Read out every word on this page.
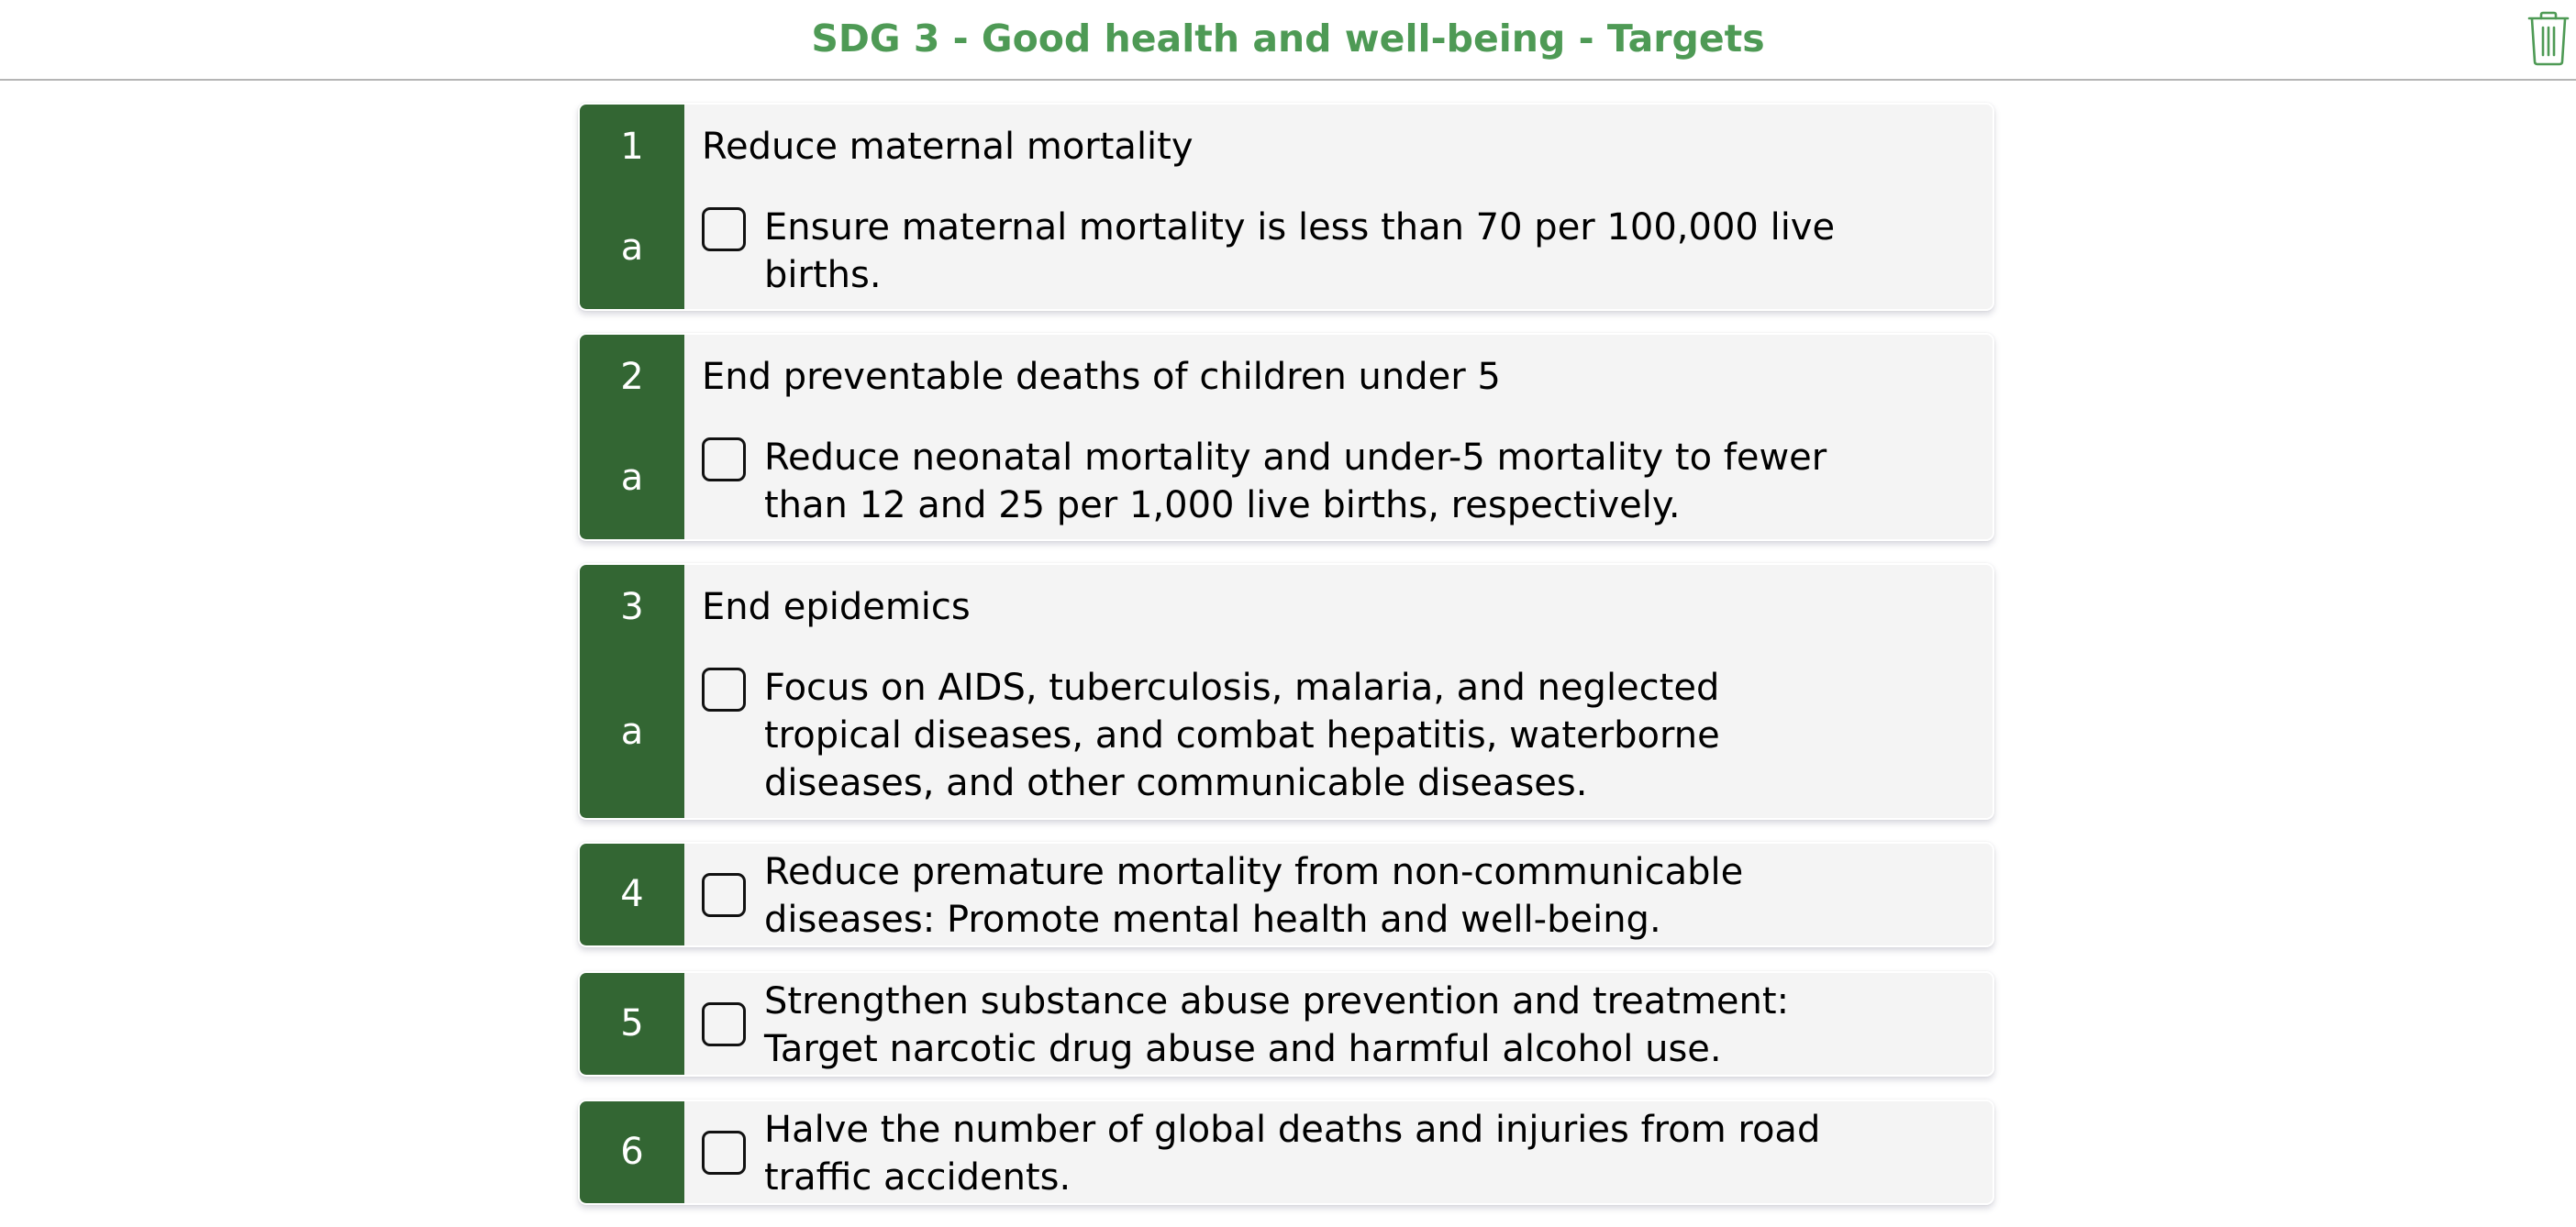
SDG 3 - Good health and well-being - Targets
1
a
Reduce maternal mortality
Ensure maternal mortality is less than 70 per 100,000 live
births.
2
a
End preventable deaths of children under 5
Reduce neonatal mortality and under-5 mortality to fewer
than 12 and 25 per 1,000 live births, respectively.
3
a
End epidemics
Focus on AIDS, tuberculosis, malaria, and neglected
tropical diseases, and combat hepatitis, waterborne
diseases, and other communicable diseases.
4
Reduce premature mortality from non-communicable
diseases: Promote mental health and well-being.
5
Strengthen substance abuse prevention and treatment:
Target narcotic drug abuse and harmful alcohol use.
6
Halve the number of global deaths and injuries from road
traffic accidents.
